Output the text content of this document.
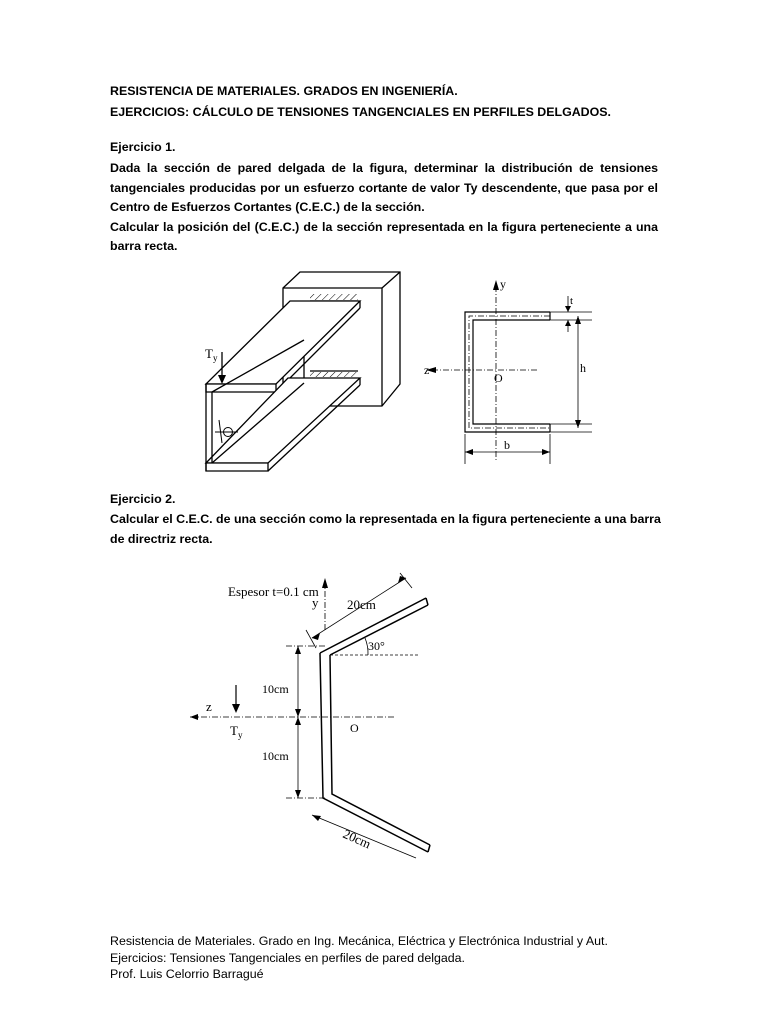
RESISTENCIA DE MATERIALES. GRADOS EN INGENIERÍA.
EJERCICIOS: CÁLCULO DE TENSIONES TANGENCIALES EN PERFILES DELGADOS.
Ejercicio 1.

Dada la sección de pared delgada de la figura, determinar la distribución de tensiones tangenciales producidas por un esfuerzo cortante de valor Ty descendente, que pasa por el Centro de Esfuerzos Cortantes (C.E.C.) de la sección.

Calcular la posición del (C.E.C.) de la sección representada en la figura perteneciente a una barra recta.

T y
y
z
O
t
h
b
Ejercicio 2.

Calcular el C.E.C. de una sección como la representada en la figura perteneciente a una barra de directriz recta.

y
z
O
T y
Espesor t=0.1 cm
20cm
30°
10cm
10cm
20cm
Resistencia de Materiales. Grado en Ing. Mecánica, Eléctrica y Electrónica Industrial y Aut.
Ejercicios: Tensiones Tangenciales en perfiles de pared delgada.
Prof. Luis Celorrio Barragué
